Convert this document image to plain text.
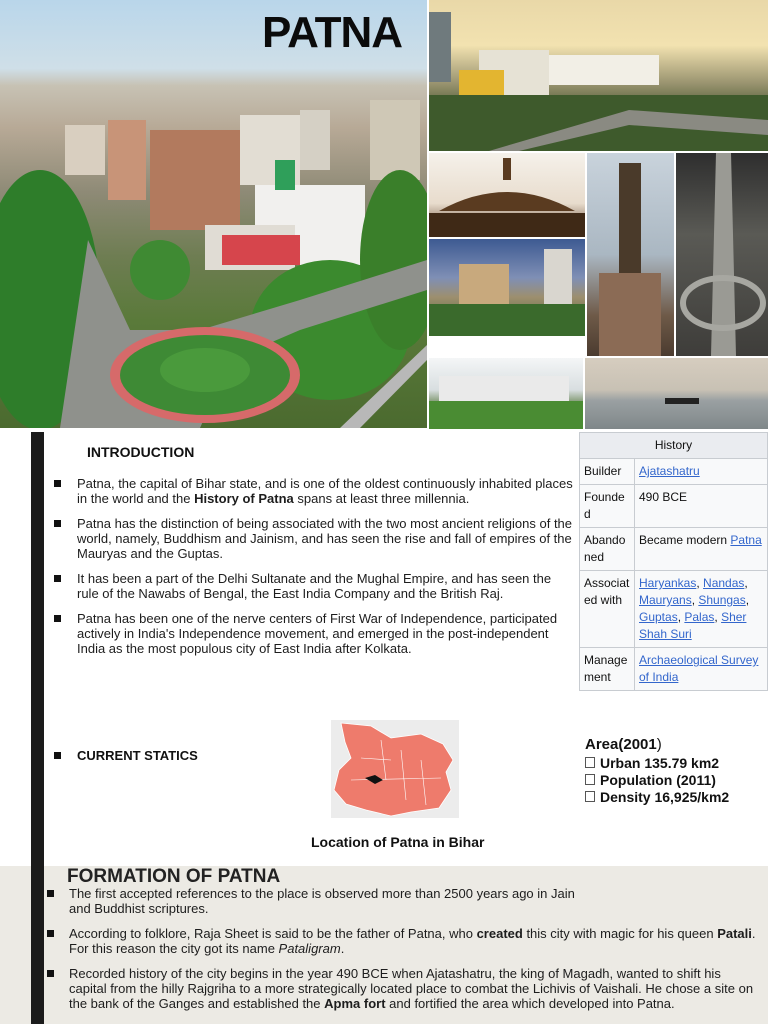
PATNA
INTRODUCTION
Patna, the capital of Bihar state, and is one of the oldest continuously inhabited places in the world and the History of Patna spans at least three millennia.
Patna has the distinction of being associated with the two most ancient religions of the world, namely, Buddhism and Jainism, and has seen the rise and fall of empires of the Mauryas and the Guptas.
It has been a part of the Delhi Sultanate and the Mughal Empire, and has seen the rule of the Nawabs of Bengal, the East India Company and the British Raj.
Patna has been one of the nerve centers of First War of Independence, participated actively in India's Independence movement, and emerged in the post-independent India as the most populous city of East India after Kolkata.
CURRENT STATICS
History	
Builder	Ajatashatru
Founded	490 BCE
Abandoned	Became modern Patna
Associated with	Haryankas, Nandas, Mauryans, Shungas, Guptas, Palas, Sher Shah Suri
Management	Archaeological Survey of India
Location of Patna in Bihar
Area(2001)
Urban 135.79 km2
Population (2011)
Density 16,925/km2
FORMATION OF PATNA
The first accepted references to the place is observed more than 2500 years ago in Jain and Buddhist scriptures.
According to folklore, Raja Sheet is said to be the father of Patna, who created this city with magic for his queen Patali. For this reason the city got its name Pataligram.
Recorded history of the city begins in the year 490 BCE when Ajatashatru, the king of Magadh, wanted to shift his capital from the hilly Rajgriha to a more strategically located place to combat the Lichivis of Vaishali. He chose a site on the bank of the Ganges and established the Apma fort and fortified the area which developed into Patna.
